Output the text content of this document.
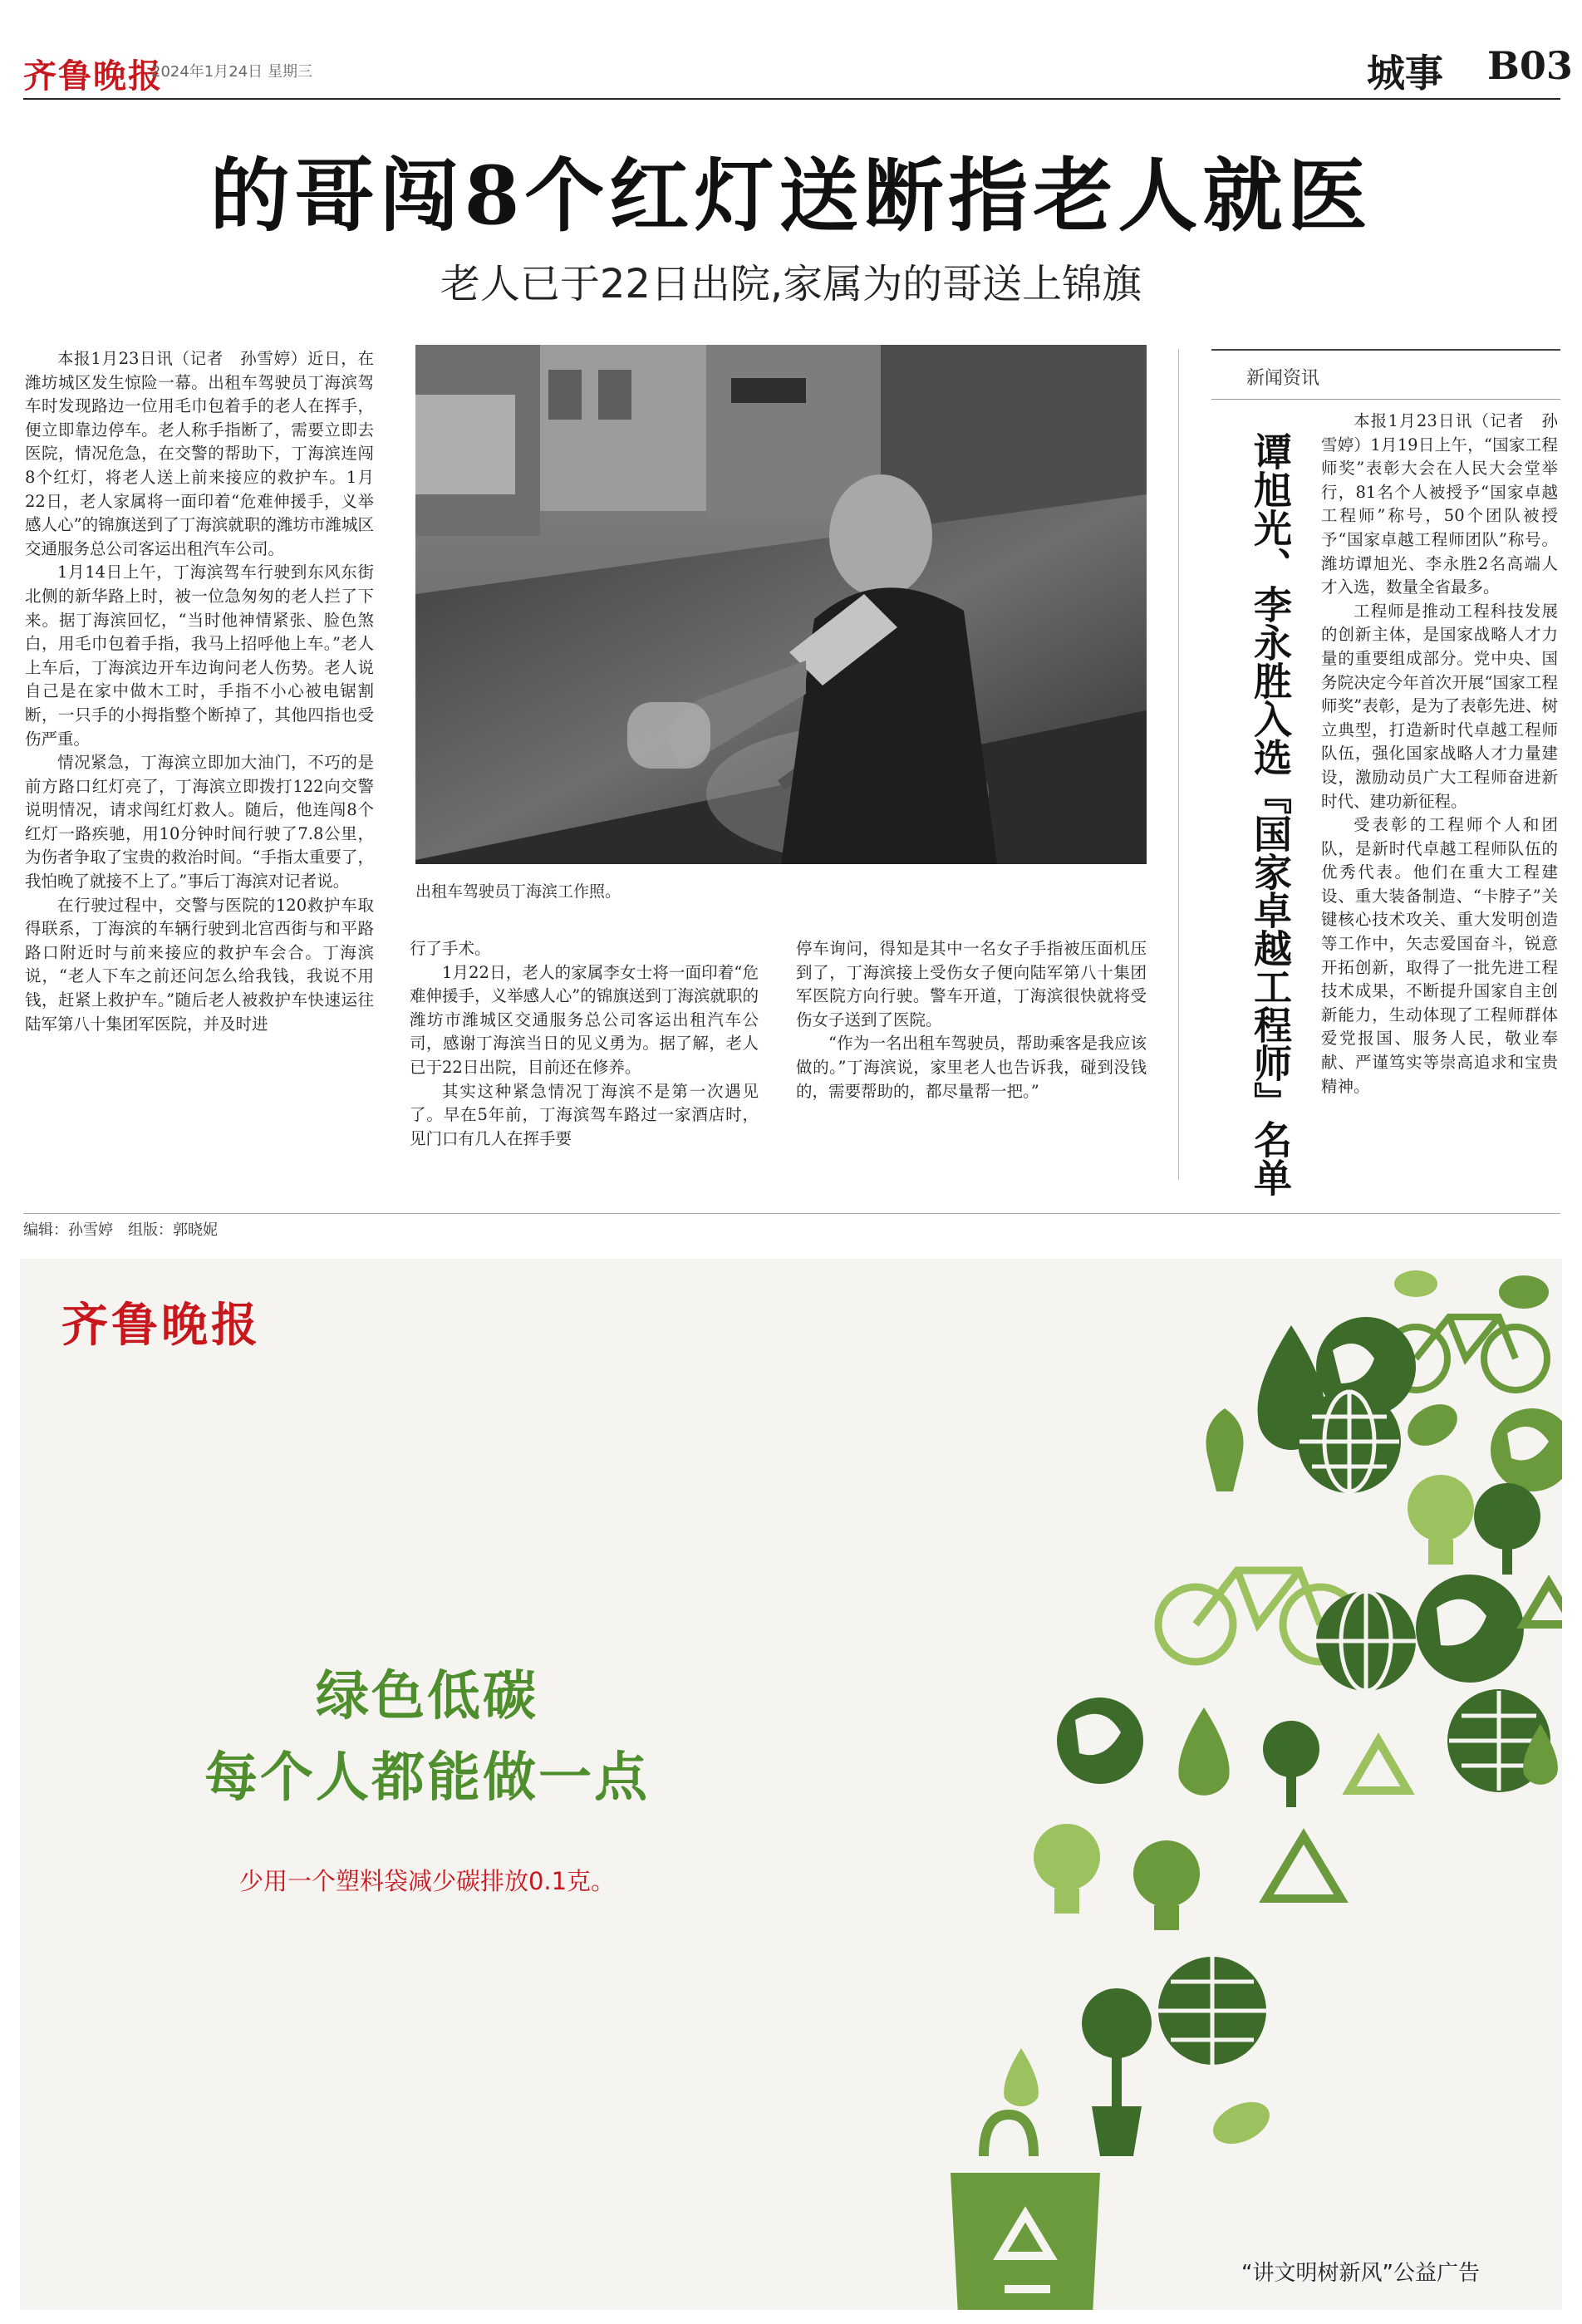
齐鲁晚报
2024年1月24日 星期三	城事 B03
的哥闯8个红灯送断指老人就医
老人已于22日出院,家属为的哥送上锦旗

本报1月23日讯（记者　孙雪婷）近日，在潍坊城区发生惊险一幕。出租车驾驶员丁海滨驾车时发现路边一位用毛巾包着手的老人在挥手，便立即靠边停车。老人称手指断了，需要立即去医院，情况危急，在交警的帮助下，丁海滨连闯8个红灯，将老人送上前来接应的救护车。1月22日，老人家属将一面印着“危难伸援手，义举感人心”的锦旗送到了丁海滨就职的潍坊市潍城区交通服务总公司客运出租汽车公司。

1月14日上午，丁海滨驾车行驶到东风东街北侧的新华路上时，被一位急匆匆的老人拦了下来。据丁海滨回忆，“当时他神情紧张、脸色煞白，用毛巾包着手指，我马上招呼他上车。”老人上车后，丁海滨边开车边询问老人伤势。老人说自己是在家中做木工时，手指不小心被电锯割断，一只手的小拇指整个断掉了，其他四指也受伤严重。

情况紧急，丁海滨立即加大油门，不巧的是前方路口红灯亮了，丁海滨立即拨打122向交警说明情况，请求闯红灯救人。随后，他连闯8个红灯一路疾驰，用10分钟时间行驶了7.8公里，为伤者争取了宝贵的救治时间。“手指太重要了，我怕晚了就接不上了。”事后丁海滨对记者说。

在行驶过程中，交警与医院的120救护车取得联系，丁海滨的车辆行驶到北宫西街与和平路路口附近时与前来接应的救护车会合。丁海滨说，“老人下车之前还问怎么给我钱，我说不用钱，赶紧上救护车。”随后老人被救护车快速运往陆军第八十集团军医院，并及时进

出租车驾驶员丁海滨工作照。

行了手术。

1月22日，老人的家属李女士将一面印着“危难伸援手，义举感人心”的锦旗送到丁海滨就职的潍坊市潍城区交通服务总公司客运出租汽车公司，感谢丁海滨当日的见义勇为。据了解，老人已于22日出院，目前还在修养。

其实这种紧急情况丁海滨不是第一次遇见了。早在5年前，丁海滨驾车路过一家酒店时，见门口有几人在挥手要

停车询问，得知是其中一名女子手指被压面机压到了，丁海滨接上受伤女子便向陆军第八十集团军医院方向行驶。警车开道，丁海滨很快就将受伤女子送到了医院。

“作为一名出租车驾驶员，帮助乘客是我应该做的。”丁海滨说，家里老人也告诉我，碰到没钱的，需要帮助的，都尽量帮一把。”

新闻资讯
谭旭光、李永胜入选『国家卓越工程师』名单

本报1月23日讯（记者　孙雪婷）1月19日上午，“国家工程师奖”表彰大会在人民大会堂举行，81名个人被授予“国家卓越工程师”称号，50个团队被授予“国家卓越工程师团队”称号。潍坊谭旭光、李永胜2名高端人才入选，数量全省最多。

工程师是推动工程科技发展的创新主体，是国家战略人才力量的重要组成部分。党中央、国务院决定今年首次开展“国家工程师奖”表彰，是为了表彰先进、树立典型，打造新时代卓越工程师队伍，强化国家战略人才力量建设，激励动员广大工程师奋进新时代、建功新征程。

受表彰的工程师个人和团队，是新时代卓越工程师队伍的优秀代表。他们在重大工程建设、重大装备制造、“卡脖子”关键核心技术攻关、重大发明创造等工作中，矢志爱国奋斗，锐意开拓创新，取得了一批先进工程技术成果，不断提升国家自主创新能力，生动体现了工程师群体爱党报国、服务人民，敬业奉献、严谨笃实等崇高追求和宝贵精神。

编辑：孙雪婷　组版：郭晓妮
齐鲁晚报
绿色低碳
每个人都能做一点
少用一个塑料袋减少碳排放0.1克。
“讲文明树新风”公益广告
